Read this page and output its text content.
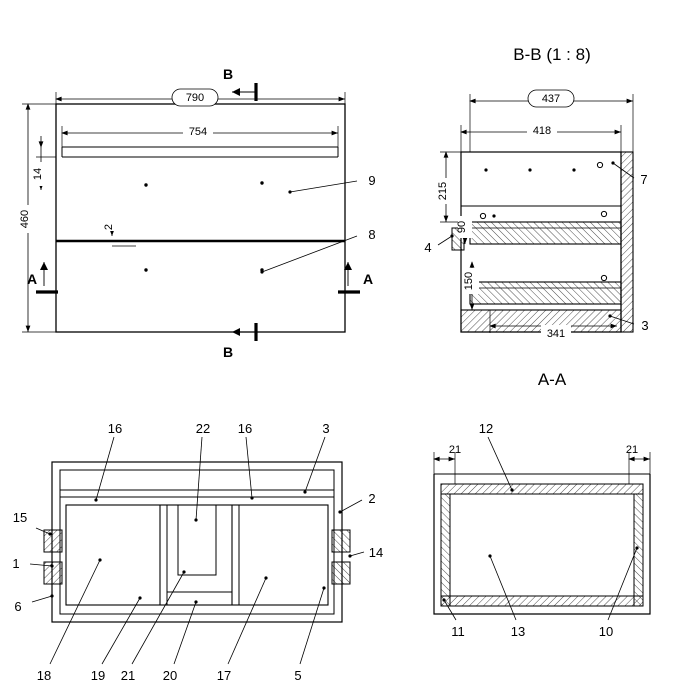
790
754
460
14
2
B
B
A	A
9
8
B-B (1 : 8)
437
418
341
215
90
150
7
4
3
A-A
16	22 16	3
2
14
15
1
6
18	19 21 20	17	5
21	21
12
11	13	10
